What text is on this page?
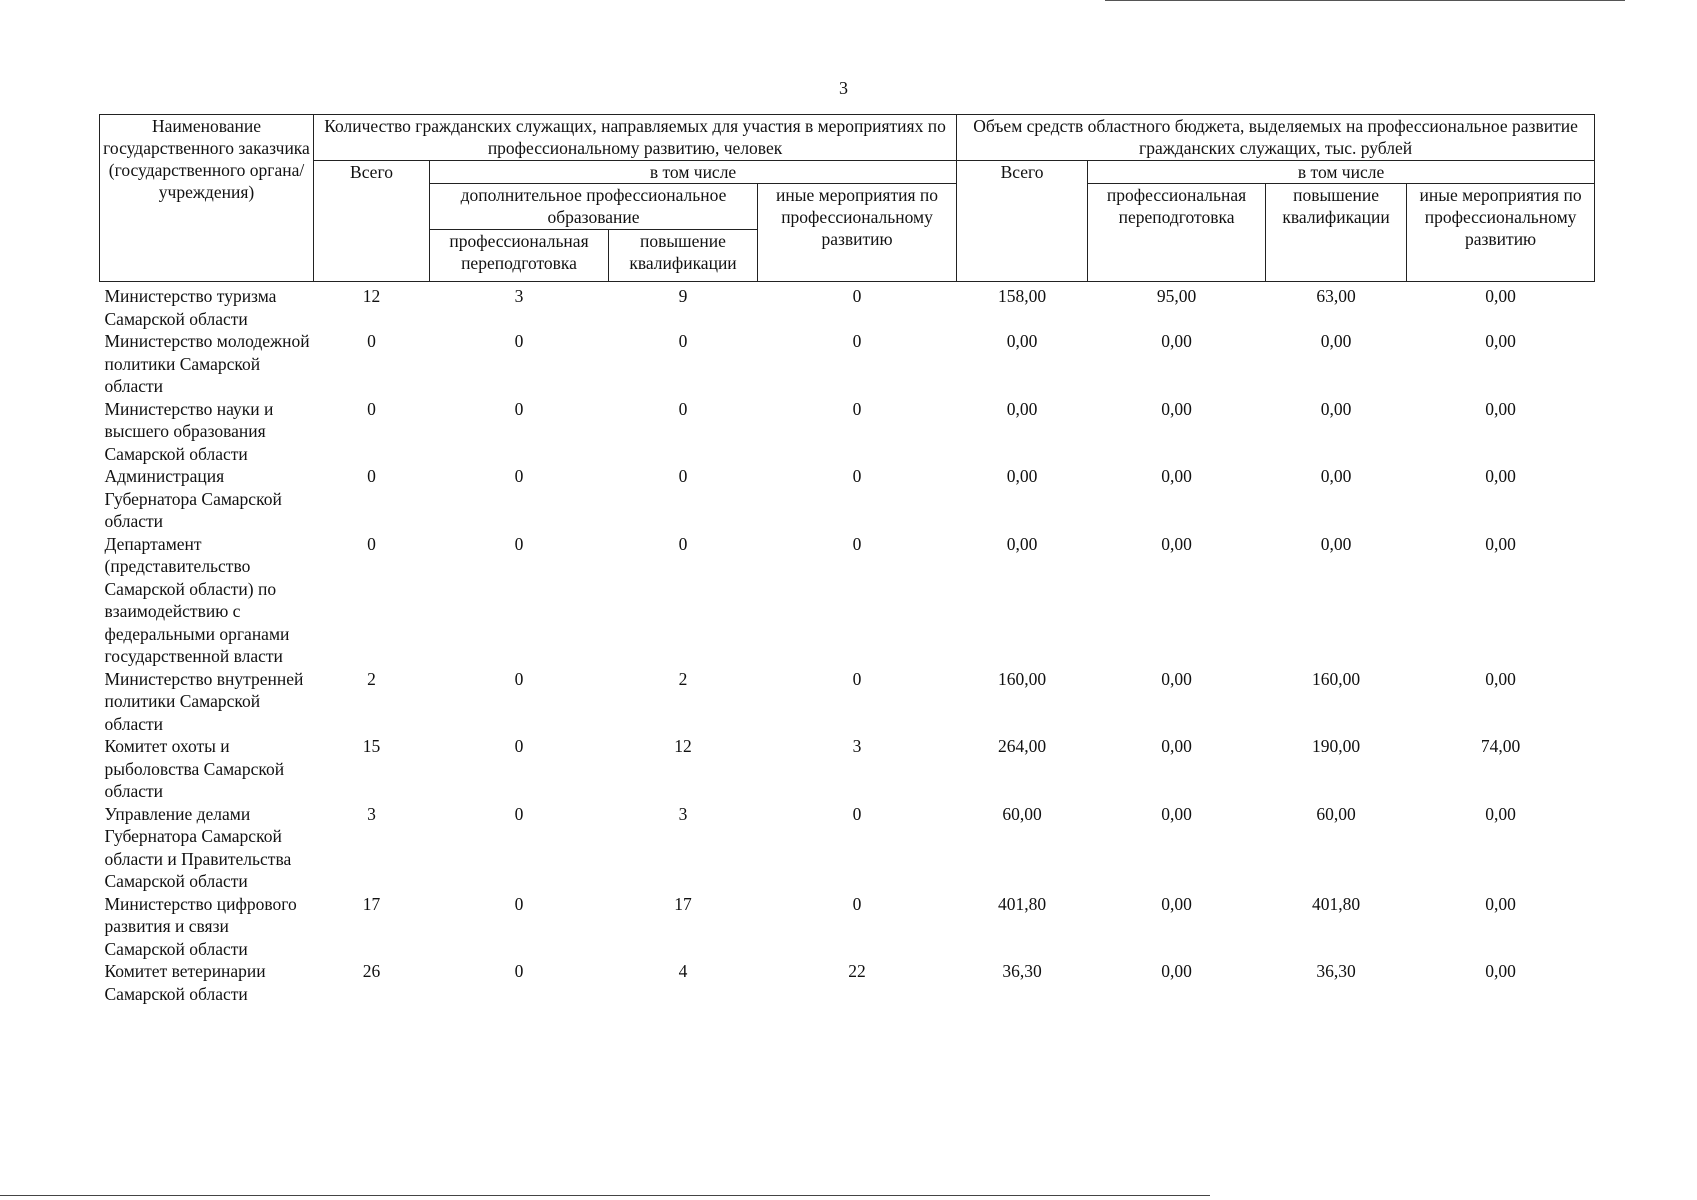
3
Наименование государственного заказчика (государственного органа/учреждения)	Количество гражданских служащих, направляемых для участия в мероприятиях по профессиональному развитию, человек				Объем средств областного бюджета, выделяемых на профессиональное развитие гражданских служащих, тыс. рублей			
	Всего	в том числе			Всего	в том числе		
		дополнительное профессиональное образование		иные мероприятия по профессиональному развитию		профессиональная переподготовка	повышение квалификации	иные мероприятия по профессиональному развитию
		профессиональная переподготовка	повышение квалификации					
Министерство туризма Самарской области	12	3	9	0	158,00	95,00	63,00	0,00
Министерство молодежной политики Самарской области	0	0	0	0	0,00	0,00	0,00	0,00
Министерство науки и высшего образования Самарской области	0	0	0	0	0,00	0,00	0,00	0,00
Администрация Губернатора Самарской области	0	0	0	0	0,00	0,00	0,00	0,00
Департамент (представительство Самарской области) по взаимодействию с федеральными органами государственной власти	0	0	0	0	0,00	0,00	0,00	0,00
Министерство внутренней политики Самарской области	2	0	2	0	160,00	0,00	160,00	0,00
Комитет охоты и рыболовства Самарской области	15	0	12	3	264,00	0,00	190,00	74,00
Управление делами Губернатора Самарской области и Правительства Самарской области	3	0	3	0	60,00	0,00	60,00	0,00
Министерство цифрового развития и связи Самарской области	17	0	17	0	401,80	0,00	401,80	0,00
Комитет ветеринарии Самарской области	26	0	4	22	36,30	0,00	36,30	0,00
